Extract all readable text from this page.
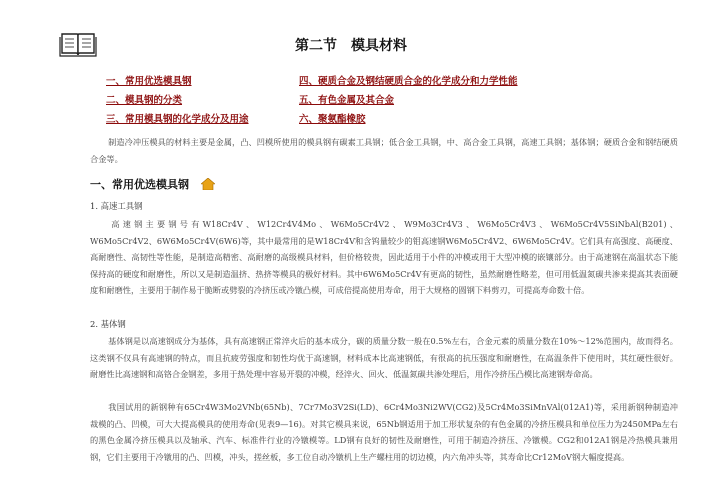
第二节　模具材料
一、常用优选模具钢
二、模具钢的分类
三、常用模具钢的化学成分及用途
四、硬质合金及钢结硬质合金的化学成分和力学性能
五、有色金属及其合金
六、聚氨酯橡胶
制造冷冲压模具的材料主要是金属，凸、凹模所使用的模具钢有碳素工具钢；低合金工具钢，中、高合金工具钢，高速工具钢；基体钢；硬质合金和钢结硬质合金等。
一、常用优选模具钢
1. 高速工具钢
高速钢主要钢号有W18Cr4V、W12Cr4V4Mo、W6Mo5Cr4V2、W9Mo3Cr4V3、W6Mo5Cr4V3、W6Mo5Cr4V5SiNbAl(B201)、W6Mo5Cr4V2、6W6Mo5Cr4V(6W6)等，其中最常用的是W18Cr4V和含钨量较少的钼高速钢W6Mo5Cr4V2、6W6Mo5Cr4V。它们具有高强度、高硬度、高耐磨性、高韧性等性能，是制造高精密、高耐磨的高级模具材料，但价格较贵，因此适用于小件的冲模或用于大型冲模的嵌镶部分。由于高速钢在高温状态下能保持高的硬度和耐磨性，所以又是制造温挤、热挤等模具的极好材料。其中6W6Mo5Cr4V有更高的韧性，虽然耐磨性略差，但可用低温氮碳共渗来提高其表面硬度和耐磨性，主要用于制作易于脆断或劈裂的冷挤压或冷镦凸模，可成倍提高使用寿命，用于大规格的圆钢下料剪刃，可提高寿命数十倍。
2. 基体钢
基体钢是以高速钢成分为基体，具有高速钢正常淬火后的基本成分，碳的质量分数一般在0.5%左右，合金元素的质量分数在10%～12%范围内，故而得名。这类钢不仅具有高速钢的特点，而且抗疲劳强度和韧性均优于高速钢，材料成本比高速钢低，有很高的抗压强度和耐磨性，在高温条件下使用时，其红硬性很好。耐磨性比高速钢和高铬合金钢差，多用于热处理中容易开裂的冲模，经淬火、回火、低温氮碳共渗处理后，用作冷挤压凸模比高速钢寿命高。
我国试用的新钢种有65Cr4W3Mo2VNb(65Nb)、7Cr7Mo3V2Si(LD)、6Cr4Mo3Ni2WV(CG2)及5Cr4Mo3SiMnVAl(012A1)等，采用新钢种制造冲裁模的凸、凹模，可大大提高模具的使用寿命(见表9—16)。对其它模具来说，65Nb钢适用于加工形状复杂的有色金属的冷挤压模具和单位压力为2450MPa左右的黑色金属冷挤压模具以及轴承、汽车、标准件行业的冷镦模等。LD钢有良好的韧性及耐磨性，可用于制造冷挤压、冷镦模。CG2和012A1钢是冷热模具兼用钢，它们主要用于冷镦用的凸、凹模，冲头，搓丝板，多工位自动冷镦机上生产螺柱用的切边模，内六角冲头等，其寿命比Cr12MoV钢大幅度提高。
